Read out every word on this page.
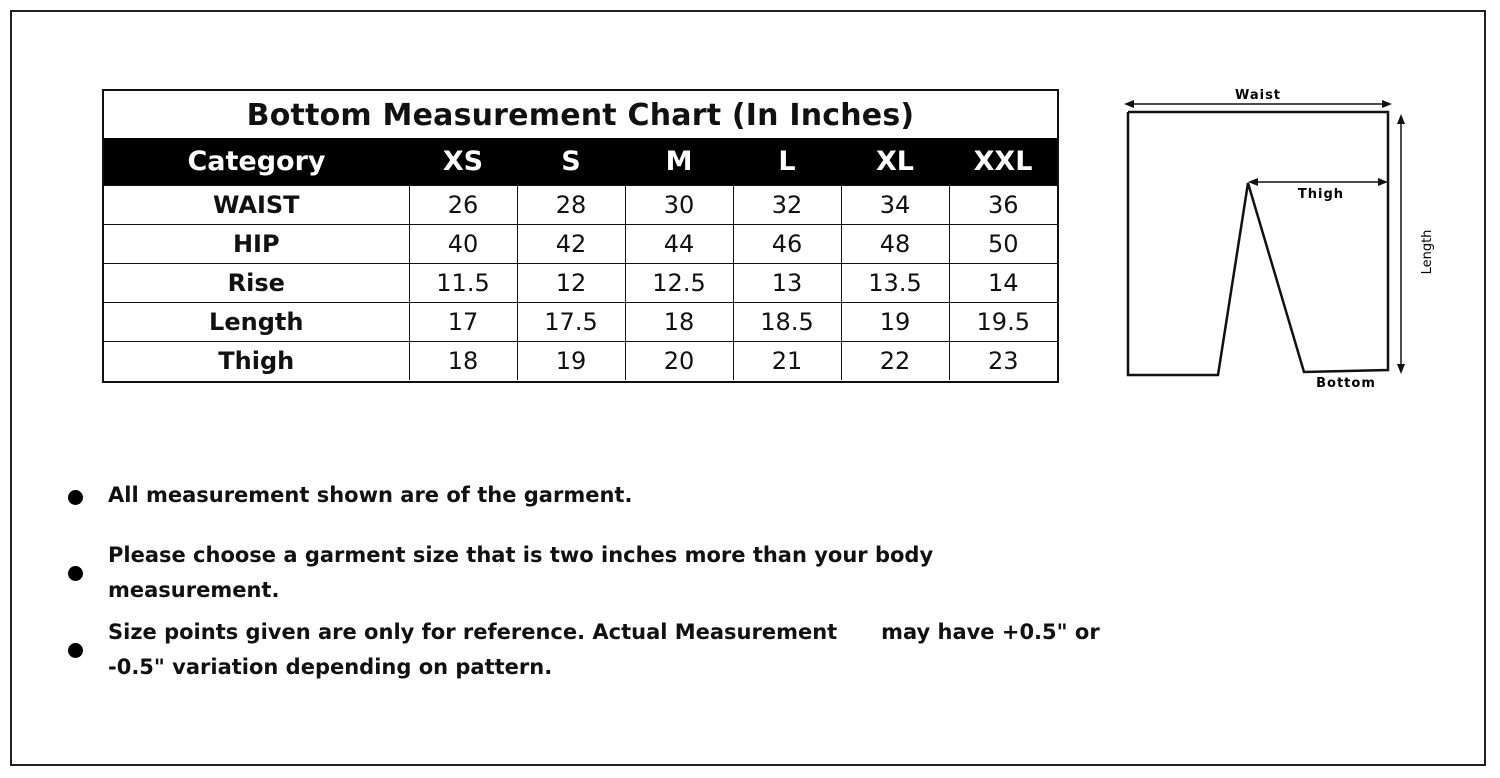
Bottom Measurement Chart (In Inches)
Category	XS	S	M	L	XL	XXL
WAIST	26	28	30	32	34	36
HIP	40	42	44	46	48	50
Rise	11.5	12	12.5	13	13.5	14
Length	17	17.5	18	18.5	19	19.5
Thigh	18	19	20	21	22	23
Waist
Thigh
Length
Bottom
All measurement shown are of the garment.
Please choose a garment size that is two inches more than your body
measurement.
Size points given are only for reference. Actual Measurement      may have +0.5" or
-0.5" variation depending on pattern.
